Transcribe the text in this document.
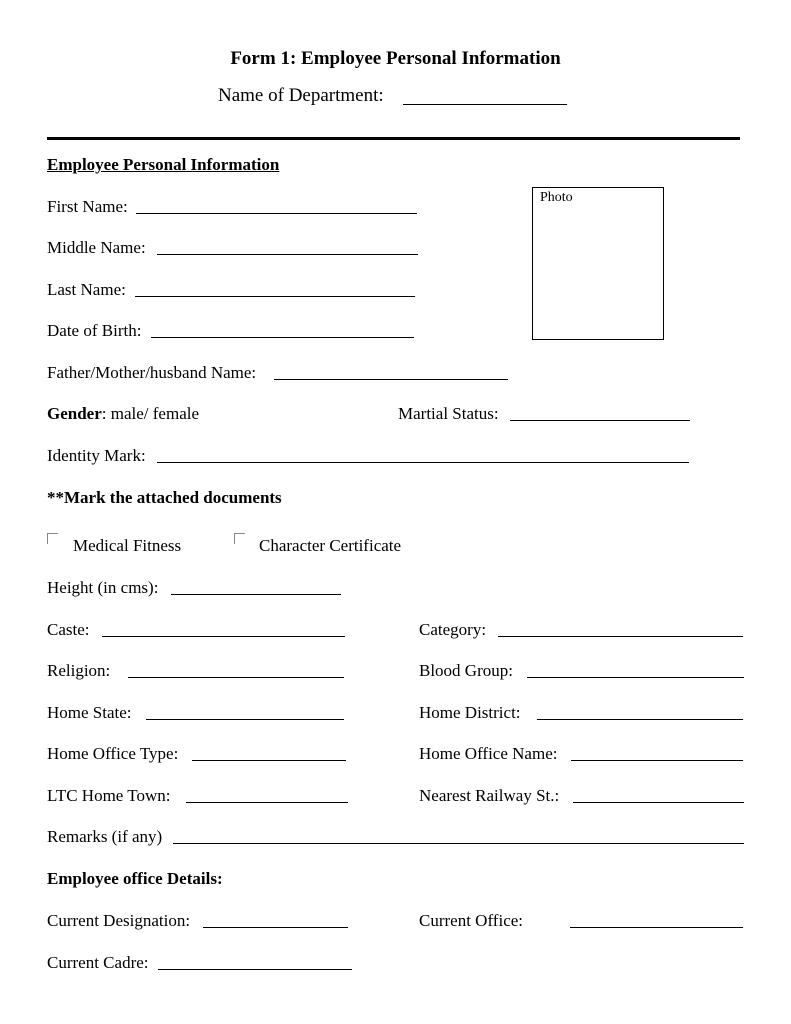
Form 1: Employee Personal Information
Name of Department:
Employee Personal Information
Photo
First Name:
Middle Name:
Last Name:
Date of Birth:
Father/Mother/husband Name:
Gender: male/ female	Martial Status:
Identity Mark:
**Mark the attached documents
Medical Fitness	Character Certificate
Height (in cms):
Caste:	Category:
Religion:	Blood Group:
Home State:	Home District:
Home Office Type:	Home Office Name:
LTC Home Town:	Nearest Railway St.:
Remarks (if any)
Employee office Details:
Current Designation:	Current Office:
Current Cadre:
